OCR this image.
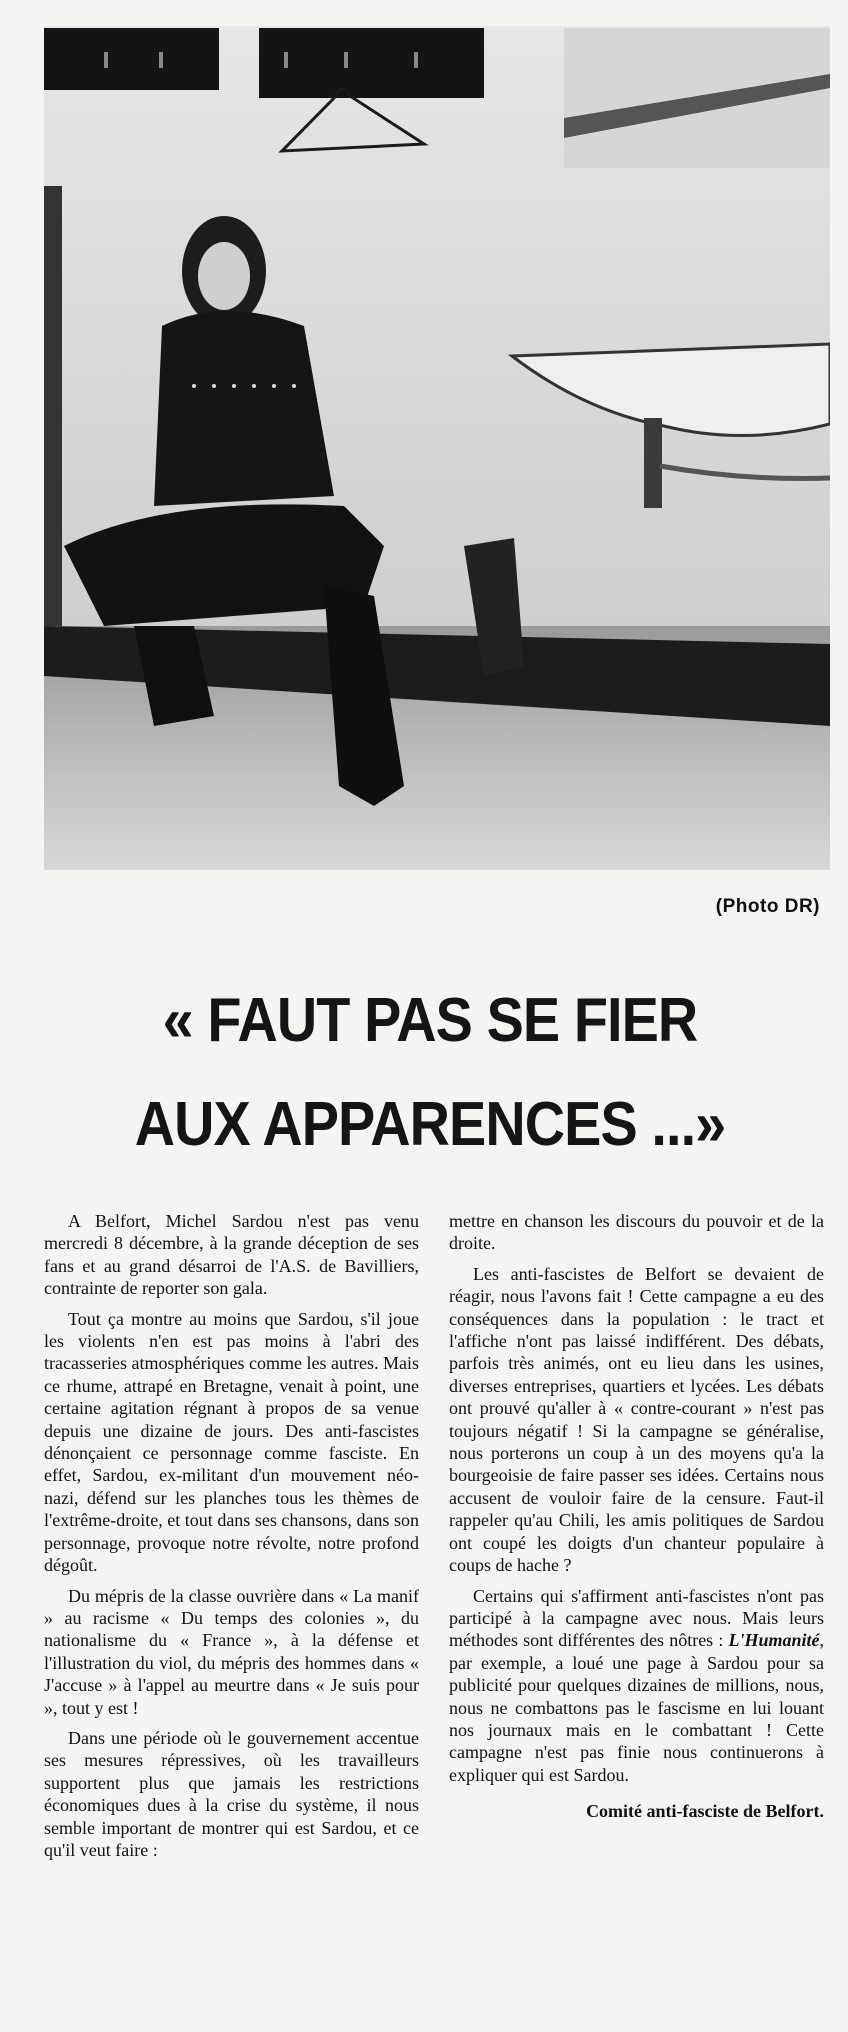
(Photo DR)
« FAUT PAS SE FIER
AUX APPARENCES ...»

A Belfort, Michel Sardou n'est pas venu mercredi 8 décembre, à la grande déception de ses fans et au grand désarroi de l'A.S. de Bavilliers, contrainte de reporter son gala.

Tout ça montre au moins que Sardou, s'il joue les violents n'en est pas moins à l'abri des tracasseries atmosphériques comme les autres. Mais ce rhume, attrapé en Bretagne, venait à point, une certaine agitation régnant à propos de sa venue depuis une dizaine de jours. Des anti-fascistes dénonçaient ce personnage comme fasciste. En effet, Sardou, ex-militant d'un mouvement néo-nazi, défend sur les planches tous les thèmes de l'extrême-droite, et tout dans ses chansons, dans son personnage, provoque notre révolte, notre profond dégoût.

Du mépris de la classe ouvrière dans « La manif » au racisme « Du temps des colonies », du nationalisme du « France », à la défense et l'illustration du viol, du mépris des hommes dans « J'accuse » à l'appel au meurtre dans « Je suis pour », tout y est !

Dans une période où le gouvernement accentue ses mesures répressives, où les travailleurs supportent plus que jamais les restrictions économiques dues à la crise du système, il nous semble important de montrer qui est Sardou, et ce qu'il veut faire :

mettre en chanson les discours du pouvoir et de la droite.

Les anti-fascistes de Belfort se devaient de réagir, nous l'avons fait ! Cette campagne a eu des conséquences dans la population : le tract et l'affiche n'ont pas laissé indifférent. Des débats, parfois très animés, ont eu lieu dans les usines, diverses entreprises, quartiers et lycées. Les débats ont prouvé qu'aller à « contre-courant » n'est pas toujours négatif ! Si la campagne se généralise, nous porterons un coup à un des moyens qu'a la bourgeoisie de faire passer ses idées. Certains nous accusent de vouloir faire de la censure. Faut-il rappeler qu'au Chili, les amis politiques de Sardou ont coupé les doigts d'un chanteur populaire à coups de hache ?

Certains qui s'affirment anti-fascistes n'ont pas participé à la campagne avec nous. Mais leurs méthodes sont différentes des nôtres : L'Humanité, par exemple, a loué une page à Sardou pour sa publicité pour quelques dizaines de millions, nous, nous ne combattons pas le fascisme en lui louant nos journaux mais en le combattant ! Cette campagne n'est pas finie nous continuerons à expliquer qui est Sardou.

Comité anti-fasciste de Belfort.
